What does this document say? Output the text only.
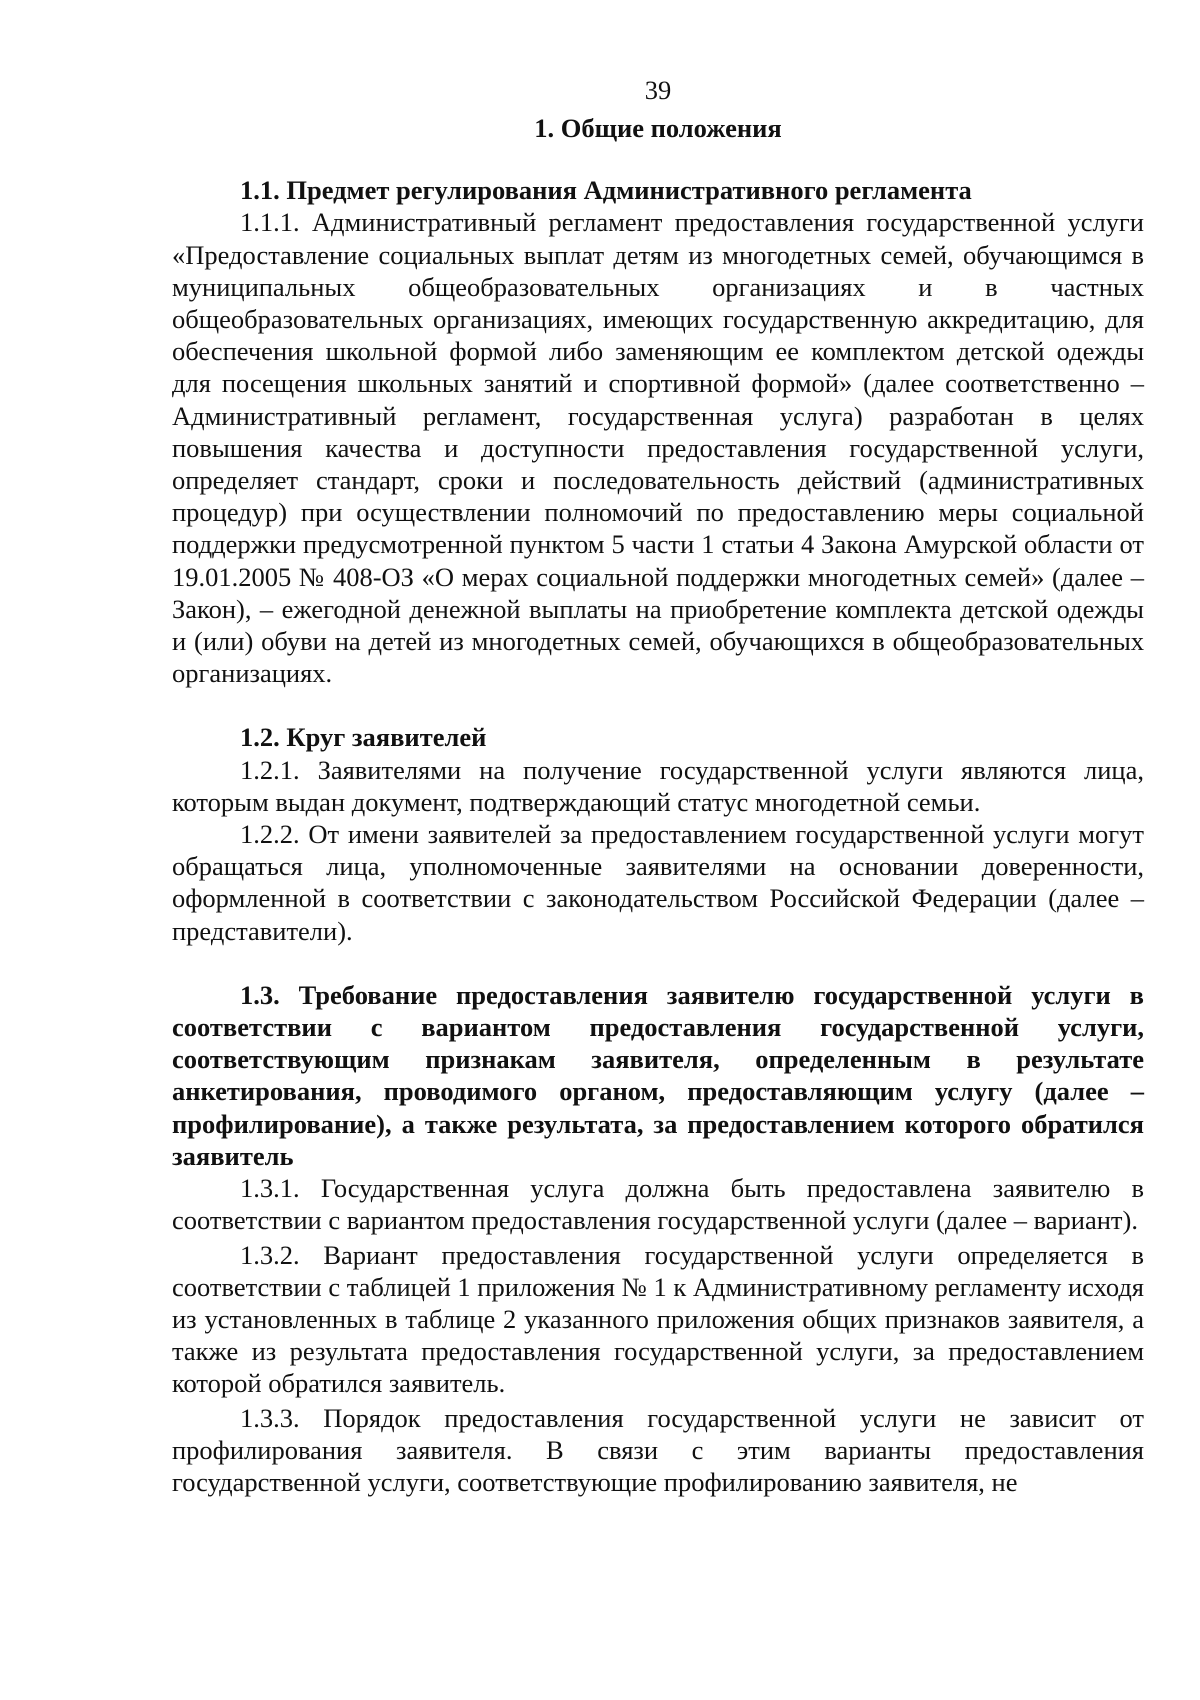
39
1. Общие положения
1.1. Предмет регулирования Административного регламента

1.1.1. Административный регламент предоставления государственной услуги «Предоставление социальных выплат детям из многодетных семей, обучающимся в муниципальных общеобразовательных организациях и в частных общеобразовательных организациях, имеющих государственную аккредитацию, для обеспечения школьной формой либо заменяющим ее комплектом детской одежды для посещения школьных занятий и спортивной формой» (далее соответственно – Административный регламент, государственная услуга) разработан в целях повышения качества и доступности предоставления государственной услуги, определяет стандарт, сроки и последовательность действий (административных процедур) при осуществлении полномочий по предоставлению меры социальной поддержки предусмотренной пунктом 5 части 1 статьи 4 Закона Амурской области от 19.01.2005 № 408-ОЗ «О мерах социальной поддержки многодетных семей» (далее – Закон), – ежегодной денежной выплаты на приобретение комплекта детской одежды и (или) обуви на детей из многодетных семей, обучающихся в общеобразовательных организациях.

1.2. Круг заявителей

1.2.1. Заявителями на получение государственной услуги являются лица, которым выдан документ, подтверждающий статус многодетной семьи.

1.2.2. От имени заявителей за предоставлением государственной услуги могут обращаться лица, уполномоченные заявителями на основании доверенности, оформленной в соответствии с законодательством Российской Федерации (далее – представители).

1.3. Требование предоставления заявителю государственной услуги в соответствии с вариантом предоставления государственной услуги, соответствующим признакам заявителя, определенным в результате анкетирования, проводимого органом, предоставляющим услугу (далее – профилирование), а также результата, за предоставлением которого обратился заявитель

1.3.1. Государственная услуга должна быть предоставлена заявителю в соответствии с вариантом предоставления государственной услуги (далее – вариант).

1.3.2. Вариант предоставления государственной услуги определяется в соответствии с таблицей 1 приложения № 1 к Административному регламенту исходя из установленных в таблице 2 указанного приложения общих признаков заявителя, а также из результата предоставления государственной услуги, за предоставлением которой обратился заявитель.

1.3.3. Порядок предоставления государственной услуги не зависит от профилирования заявителя. В связи с этим варианты предоставления государственной услуги, соответствующие профилированию заявителя, не
